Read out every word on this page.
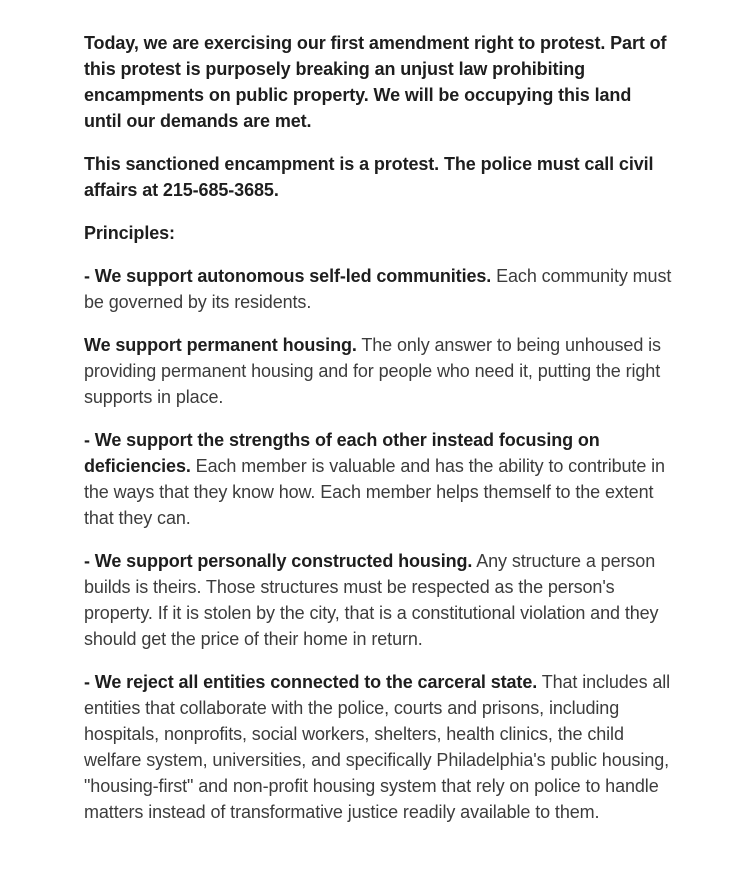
Today, we are exercising our first amendment right to protest. Part of this protest is purposely breaking an unjust law prohibiting encampments on public property. We will be occupying this land until our demands are met.

This sanctioned encampment is a protest. The police must call civil affairs at 215-685-3685.

Principles:

- We support autonomous self-led communities. Each community must be governed by its residents.

We support permanent housing. The only answer to being unhoused is providing permanent housing and for people who need it, putting the right supports in place.

- We support the strengths of each other instead focusing on deficiencies. Each member is valuable and has the ability to contribute in the ways that they know how. Each member helps themself to the extent that they can.

- We support personally constructed housing. Any structure a person builds is theirs. Those structures must be respected as the person's property. If it is stolen by the city, that is a constitutional violation and they should get the price of their home in return.

- We reject all entities connected to the carceral state. That includes all entities that collaborate with the police, courts and prisons, including hospitals, nonprofits, social workers, shelters, health clinics, the child welfare system, universities, and specifically Philadelphia's public housing, "housing-first" and non-profit housing system that rely on police to handle matters instead of transformative justice readily available to them.
